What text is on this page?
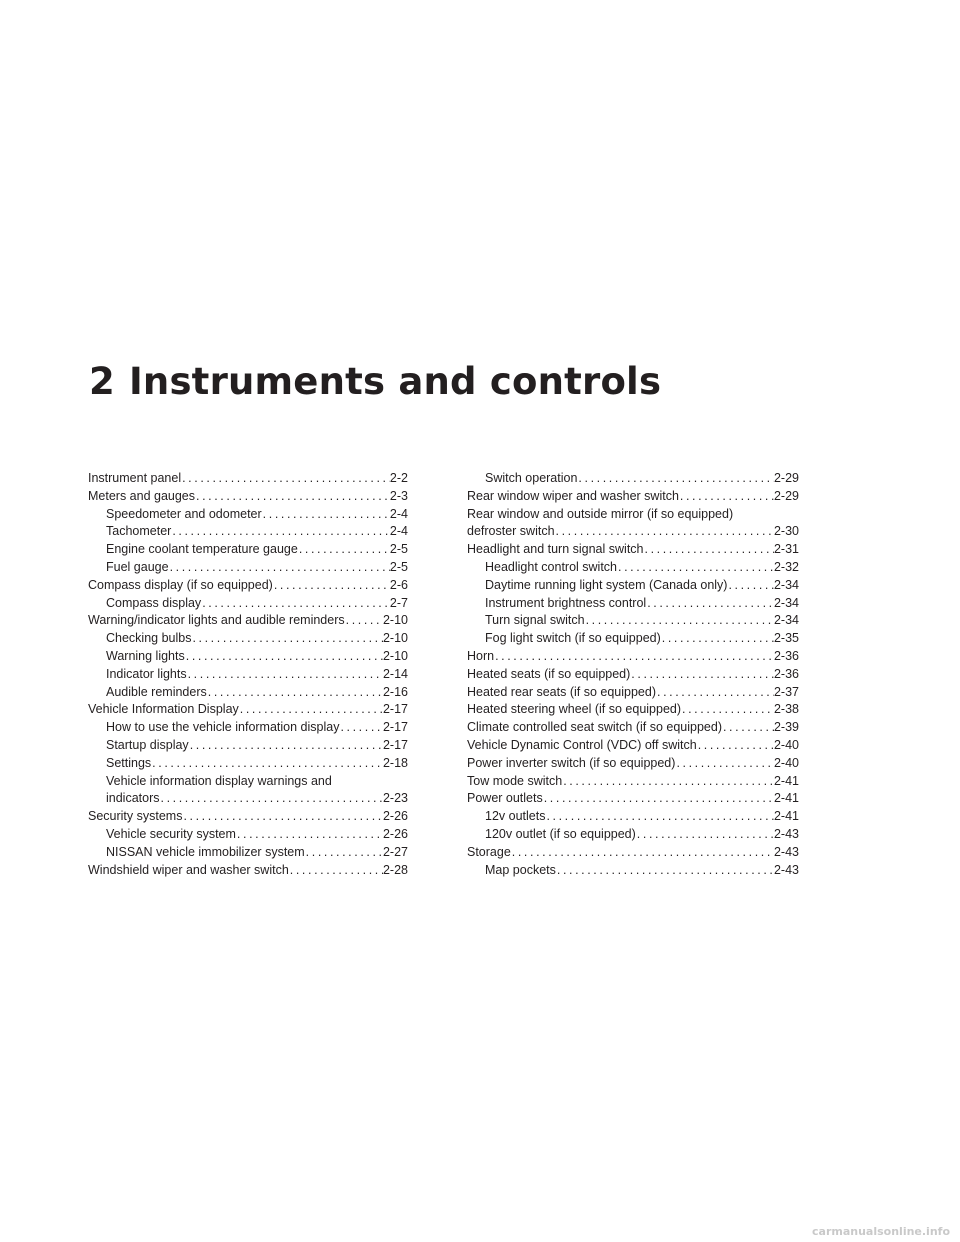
2 Instruments and controls
Instrument panel .....	2-2
Meters and gauges .....	2-3
Speedometer and odometer .....	2-4
Tachometer .....	2-4
Engine coolant temperature gauge .....	2-5
Fuel gauge .....	2-5
Compass display (if so equipped) .....	2-6
Compass display .....	2-7
Warning/indicator lights and audible reminders .....	2-10
Checking bulbs .....	2-10
Warning lights .....	2-10
Indicator lights .....	2-14
Audible reminders .....	2-16
Vehicle Information Display .....	2-17
How to use the vehicle information display .....	2-17
Startup display .....	2-17
Settings .....	2-18
Vehicle information display warnings and
indicators .....	2-23
Security systems .....	2-26
Vehicle security system .....	2-26
NISSAN vehicle immobilizer system .....	2-27
Windshield wiper and washer switch .....	2-28
Switch operation .....	2-29
Rear window wiper and washer switch .....	2-29
Rear window and outside mirror (if so equipped)
defroster switch .....	2-30
Headlight and turn signal switch .....	2-31
Headlight control switch .....	2-32
Daytime running light system (Canada only) .....	2-34
Instrument brightness control .....	2-34
Turn signal switch .....	2-34
Fog light switch (if so equipped) .....	2-35
Horn .....	2-36
Heated seats (if so equipped) .....	2-36
Heated rear seats (if so equipped) .....	2-37
Heated steering wheel (if so equipped) .....	2-38
Climate controlled seat switch (if so equipped) .....	2-39
Vehicle Dynamic Control (VDC) off switch .....	2-40
Power inverter switch (if so equipped) .....	2-40
Tow mode switch .....	2-41
Power outlets .....	2-41
12v outlets .....	2-41
120v outlet (if so equipped) .....	2-43
Storage .....	2-43
Map pockets .....	2-43
carmanualsonline.info
